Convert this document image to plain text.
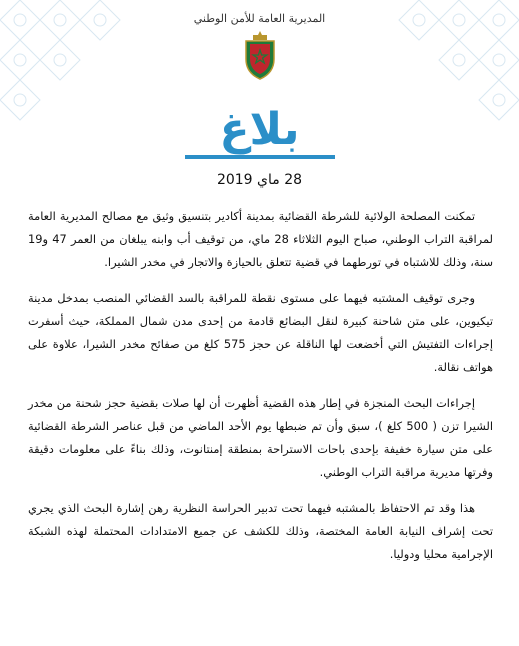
المديرية العامة للأمن الوطني
بلاغ
28 ماي 2019

تمكنت المصلحة الولائية للشرطة القضائية بمدينة أكادير بتنسيق وثيق مع مصالح المديرية العامة لمراقبة التراب الوطني، صباح اليوم الثلاثاء 28 ماي، من توقيف أب وابنه يبلغان من العمر 47 و19 سنة، وذلك للاشتباه في تورطهما في قضية تتعلق بالحيازة والاتجار في مخدر الشيرا.

وجرى توقيف المشتبه فيهما على مستوى نقطة للمراقبة بالسد القضائي المنصب بمدخل مدينة تيكيوين، على متن شاحنة كبيرة لنقل البضائع قادمة من إحدى مدن شمال المملكة، حيث أسفرت إجراءات التفتيش التي أخضعت لها الناقلة عن حجز 575 كلغ من صفائح مخدر الشيرا، علاوة على هواتف نقالة.

إجراءات البحث المنجزة في إطار هذه القضية أظهرت أن لها صلات بقضية حجز شحنة من مخدر الشيرا تزن ( 500 كلغ )، سبق وأن تم ضبطها يوم الأحد الماضي من قبل عناصر الشرطة القضائية على متن سيارة خفيفة بإحدى باحات الاستراحة بمنطقة إمنتانوت، وذلك بناءً على معلومات دقيقة وفرتها مديرية مراقبة التراب الوطني.

هذا وقد تم الاحتفاظ بالمشتبه فيهما تحت تدبير الحراسة النظرية رهن إشارة البحث الذي يجري تحت إشراف النيابة العامة المختصة، وذلك للكشف عن جميع الامتدادات المحتملة لهذه الشبكة الإجرامية محليا ودوليا.
